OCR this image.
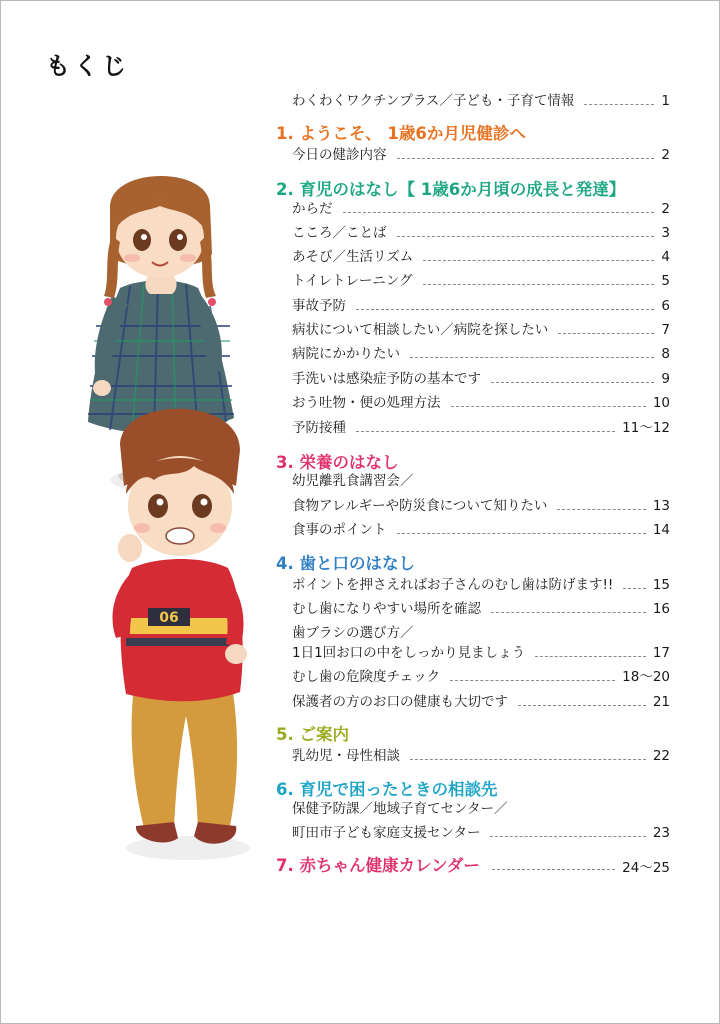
もくじ
06
わくわくワクチンプラス／子ども・子育て情報	1
1. ようこそ、 1歳6か月児健診へ
今日の健診内容	2
2. 育児のはなし【 1歳6か月頃の成長と発達】
からだ	2
こころ／ことば	3
あそび／生活リズム	4
トイレトレーニング	5
事故予防	6
病状について相談したい／病院を探したい	7
病院にかかりたい	8
手洗いは感染症予防の基本です	9
おう吐物・便の処理方法	10
予防接種	11～12
3. 栄養のはなし
幼児離乳食講習会／
食物アレルギーや防災食について知りたい	13
食事のポイント	14
4. 歯と口のはなし
ポイントを押さえればお子さんのむし歯は防げます!!	15
むし歯になりやすい場所を確認	16
歯ブラシの選び方／
1日1回お口の中をしっかり見ましょう	17
むし歯の危険度チェック	18～20
保護者の方のお口の健康も大切です	21
5. ご案内
乳幼児・母性相談	22
6. 育児で困ったときの相談先
保健予防課／地域子育てセンター／
町田市子ども家庭支援センター	23
7. 赤ちゃん健康カレンダー	24～25
